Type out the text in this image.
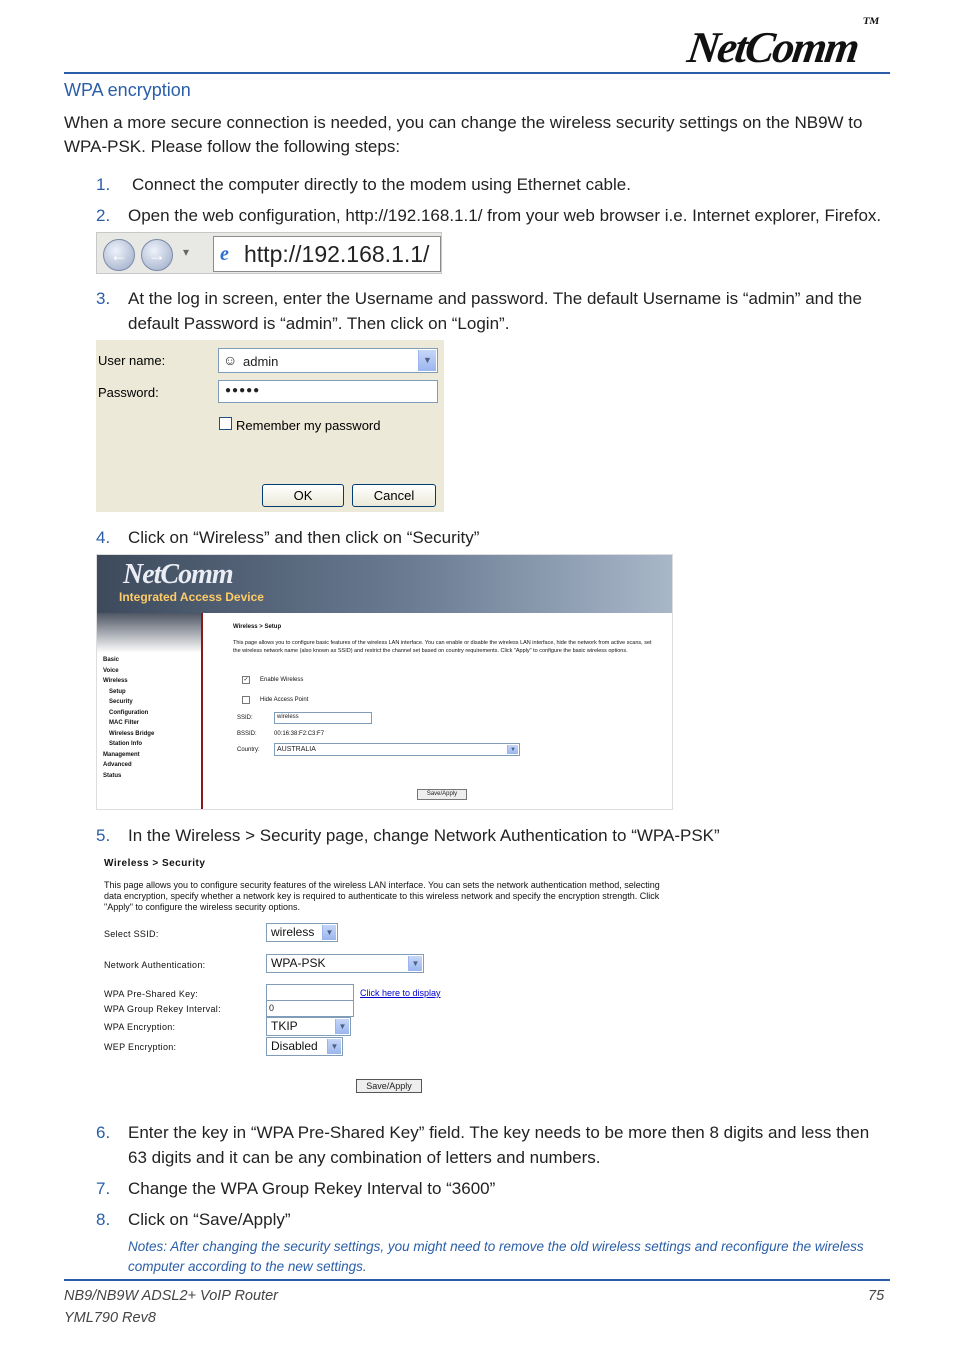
NetComm™
WPA encryption
When a more secure connection is needed, you can change the wireless security settings on the NB9W to WPA-PSK. Please follow the following steps:
1. Connect the computer directly to the modem using Ethernet cable.
2. Open the web configuration, http://192.168.1.1/ from your web browser i.e. Internet explorer, Firefox.
←	→	▾ e http://192.168.1.1/
3. At the log in screen, enter the Username and password. The default Username is “admin” and the default Password is “admin”. Then click on “Login”.
User name:	☺ admin	▼
Password:	●●●●●
Remember my password
OK	Cancel
4. Click on “Wireless” and then click on “Security”
NetComm
Integrated Access Device
Basic
Voice
Wireless
Setup
Security
Configuration
MAC Filter
Wireless Bridge
Station Info
Management
Advanced
Status
Wireless > Setup
This page allows you to configure basic features of the wireless LAN interface. You can enable or disable the wireless LAN interface, hide the network from active scans, set the wireless network name (also known as SSID) and restrict the channel set based on country requirements. Click "Apply" to configure the basic wireless options.
✓ Enable Wireless
Hide Access Point
SSID:	wireless
BSSID:	00:16:38:F2:C3:F7
Country:	AUSTRALIA	▼
Save/Apply
5. In the Wireless > Security page, change Network Authentication to “WPA-PSK”
Wireless > Security
This page allows you to configure security features of the wireless LAN interface. You can sets the network authentication method, selecting data encryption, specify whether a network key is required to authenticate to this wireless network and specify the encryption strength. Click "Apply" to configure the wireless security options.
Select SSID:	wireless	▼
Network Authentication:	WPA-PSK	▼
WPA Pre-Shared Key:	Click here to display
WPA Group Rekey Interval:	0
WPA Encryption:	TKIP	▼
WEP Encryption:	Disabled	▼
Save/Apply
6. Enter the key in “WPA Pre-Shared Key” field. The key needs to be more then 8 digits and less then 63 digits and it can be any combination of letters and numbers.
7. Change the WPA Group Rekey Interval to “3600”
8. Click on “Save/Apply”
Notes: After changing the security settings, you might need to remove the old wireless settings and reconfigure the wireless computer according to the new settings.
NB9/NB9W ADSL2+ VoIP Router
YML790 Rev8
75
